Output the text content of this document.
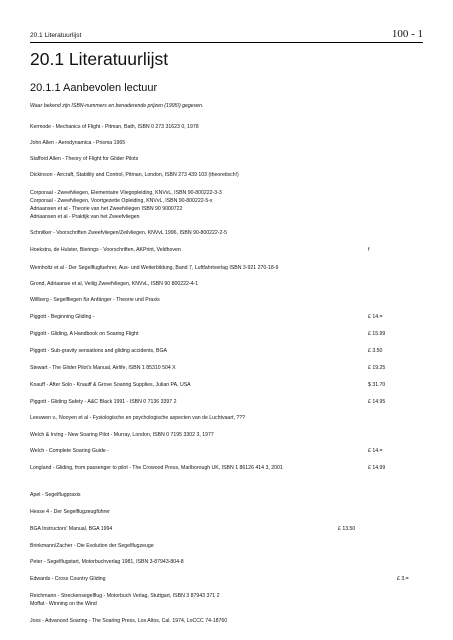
20.1 Literatuurlijst	100 - 1
20.1 Literatuurlijst
20.1.1 Aanbevolen lectuur
Waar bekend zijn ISBN-nummers en benaderende prijzen (1995!) gegeven.
Kermode - Mechanics of Flight - Pitman, Bath, ISBN 0 273 31623 0, 1978
John Allen - Aerodynamica - Prisma 1965
Stafford Allen - Theory of Flight for Glider Pilots
Dickinson - Aircraft, Stability and Control, Pitman, London, ISBN 273 439 103 (theoretisch!)
Corporaal - Zweefvliegen, Elementaire Vliegopleiding, KNVvL, ISBN 90-800222-3-3
Corporaal - Zweefvliegen, Voortgezette Opleiding, KNVvL, ISBN 90-800222-5-x
Adriaansen et al - Theorie van het Zweefvliegen ISBN 90 9000722
Adriaansen et al - Praktijk van het Zweefvliegen
Schnitker - Voorschriften Zweefvliegen/Zeilvliegen, KNVvL 1996, ISBN 90-800222-2-5
Hoekstra, de Hulster, Bierings - Voorschriften, AKPrint, Veldhoven	f
Weinholtz et al - Der Segelflugfuehrer, Aus- und Weiterbildung, Band 7, Luftfahrtverlag ISBN 3-921 270-18-9
Grond, Adriaanse et al, Veilig Zweefvliegen, KNVvL, ISBN 90 800222-4-1
Willberg - Segelfliegen für Anfänger - Theorie und Praxis
Piggott - Beginning Gliding -	£ 14.=
Piggott - Gliding, A Handbook on Soaring Flight	£ 15.99
Piggott - Sub-gravity sensations and gliding accidents, BGA	£ 3.50
Stewart - The Glider Pilot's Manual, Airlife, ISBN 1 85310 504 X	£ 19.25
Knauff - After Solo - Knauff & Grove Soaring Supplies, Julian PA, USA	$ 31.70
Piggott - Gliding Safety - A&C Black 1991 - ISBN 0 7136 3397 2	£ 14.95
Leeuwen v., Nooyen et al - Fysiologische en psychologische aspecten van de Luchtvaart, ???
Welch & Irving - New Soaring Pilot - Murray, London, ISBN 0 7195 3302 3, 1977
Welch - Complete Soaring Guide -	£ 14.=
Longland - Gliding, from passenger to pilot - The Crowood Press, Marlborough UK, ISBN 1 86126 414 3, 2001	£ 14.99
Apel - Segelflugpraxis
Hesse 4 - Der Segelflugzeugführer
BGA Instructors' Manual, BGA 1994	£ 13.50
Brinkmann/Zacher - Die Evolution der Segelflugzeuge
Peter - Segelflugstart, Motorbuchverlag 1981, ISBN 3-87943-804-8
Edwards - Cross Country Gliding	£ 3.=
Reichmann - Streckensegelflug - Motorbuch Verlag, Stuttgart, ISBN 3 87943 371 2
Moffat - Winning on the Wind
Joss - Advanced Soaring - The Soaring Press, Los Altos, Cal. 1974, LoCCC 74-18760
